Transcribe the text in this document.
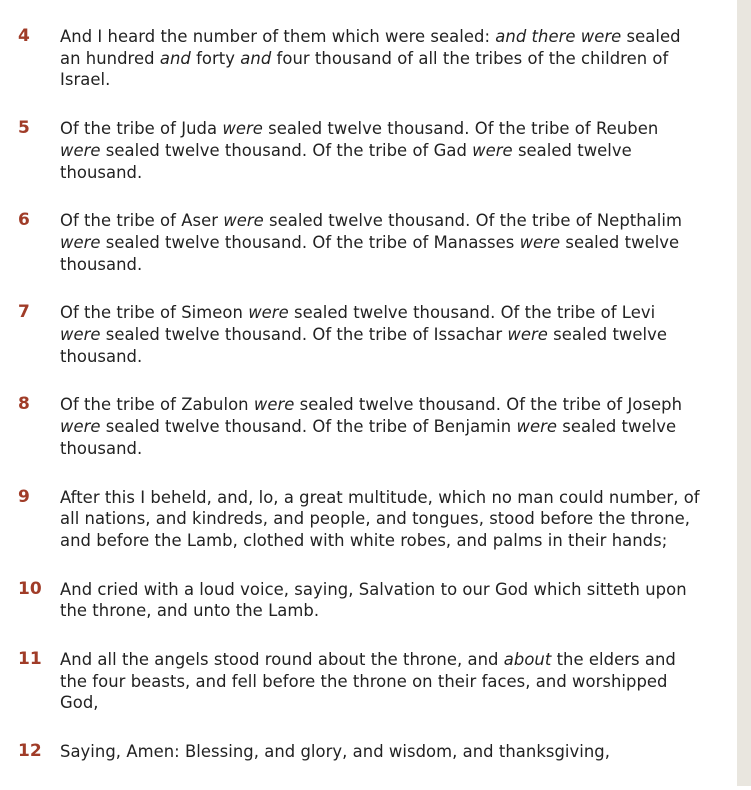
4 And I heard the number of them which were sealed: and there were sealed an hundred and forty and four thousand of all the tribes of the children of Israel.
5 Of the tribe of Juda were sealed twelve thousand. Of the tribe of Reuben were sealed twelve thousand. Of the tribe of Gad were sealed twelve thousand.
6 Of the tribe of Aser were sealed twelve thousand. Of the tribe of Nepthalim were sealed twelve thousand. Of the tribe of Manasses were sealed twelve thousand.
7 Of the tribe of Simeon were sealed twelve thousand. Of the tribe of Levi were sealed twelve thousand. Of the tribe of Issachar were sealed twelve thousand.
8 Of the tribe of Zabulon were sealed twelve thousand. Of the tribe of Joseph were sealed twelve thousand. Of the tribe of Benjamin were sealed twelve thousand.
9 After this I beheld, and, lo, a great multitude, which no man could number, of all nations, and kindreds, and people, and tongues, stood before the throne, and before the Lamb, clothed with white robes, and palms in their hands;
10 And cried with a loud voice, saying, Salvation to our God which sitteth upon the throne, and unto the Lamb.
11 And all the angels stood round about the throne, and about the elders and the four beasts, and fell before the throne on their faces, and worshipped God,
12 Saying, Amen: Blessing, and glory, and wisdom, and thanksgiving,
